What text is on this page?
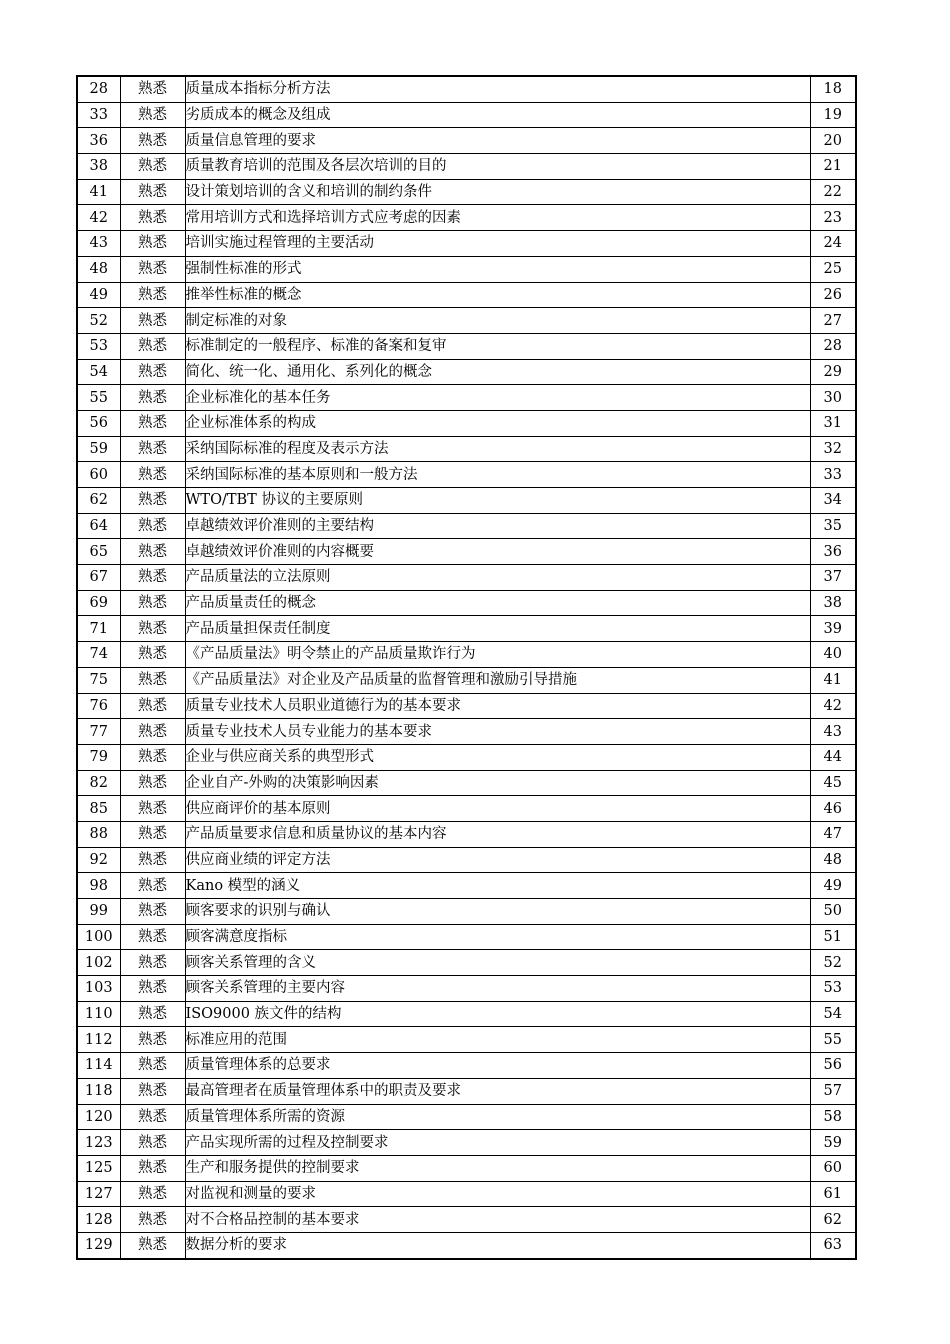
28	熟悉	质量成本指标分析方法	18
33	熟悉	劣质成本的概念及组成	19
36	熟悉	质量信息管理的要求	20
38	熟悉	质量教育培训的范围及各层次培训的目的	21
41	熟悉	设计策划培训的含义和培训的制约条件	22
42	熟悉	常用培训方式和选择培训方式应考虑的因素	23
43	熟悉	培训实施过程管理的主要活动	24
48	熟悉	强制性标准的形式	25
49	熟悉	推举性标准的概念	26
52	熟悉	制定标准的对象	27
53	熟悉	标准制定的一般程序、标准的备案和复审	28
54	熟悉	简化、统一化、通用化、系列化的概念	29
55	熟悉	企业标准化的基本任务	30
56	熟悉	企业标准体系的构成	31
59	熟悉	采纳国际标准的程度及表示方法	32
60	熟悉	采纳国际标准的基本原则和一般方法	33
62	熟悉	WTO/TBT 协议的主要原则	34
64	熟悉	卓越绩效评价准则的主要结构	35
65	熟悉	卓越绩效评价准则的内容概要	36
67	熟悉	产品质量法的立法原则	37
69	熟悉	产品质量责任的概念	38
71	熟悉	产品质量担保责任制度	39
74	熟悉	《产品质量法》明令禁止的产品质量欺诈行为	40
75	熟悉	《产品质量法》对企业及产品质量的监督管理和激励引导措施	41
76	熟悉	质量专业技术人员职业道德行为的基本要求	42
77	熟悉	质量专业技术人员专业能力的基本要求	43
79	熟悉	企业与供应商关系的典型形式	44
82	熟悉	企业自产-外购的决策影响因素	45
85	熟悉	供应商评价的基本原则	46
88	熟悉	产品质量要求信息和质量协议的基本内容	47
92	熟悉	供应商业绩的评定方法	48
98	熟悉	Kano 模型的涵义	49
99	熟悉	顾客要求的识别与确认	50
100	熟悉	顾客满意度指标	51
102	熟悉	顾客关系管理的含义	52
103	熟悉	顾客关系管理的主要内容	53
110	熟悉	ISO9000 族文件的结构	54
112	熟悉	标准应用的范围	55
114	熟悉	质量管理体系的总要求	56
118	熟悉	最高管理者在质量管理体系中的职责及要求	57
120	熟悉	质量管理体系所需的资源	58
123	熟悉	产品实现所需的过程及控制要求	59
125	熟悉	生产和服务提供的控制要求	60
127	熟悉	对监视和测量的要求	61
128	熟悉	对不合格品控制的基本要求	62
129	熟悉	数据分析的要求	63
